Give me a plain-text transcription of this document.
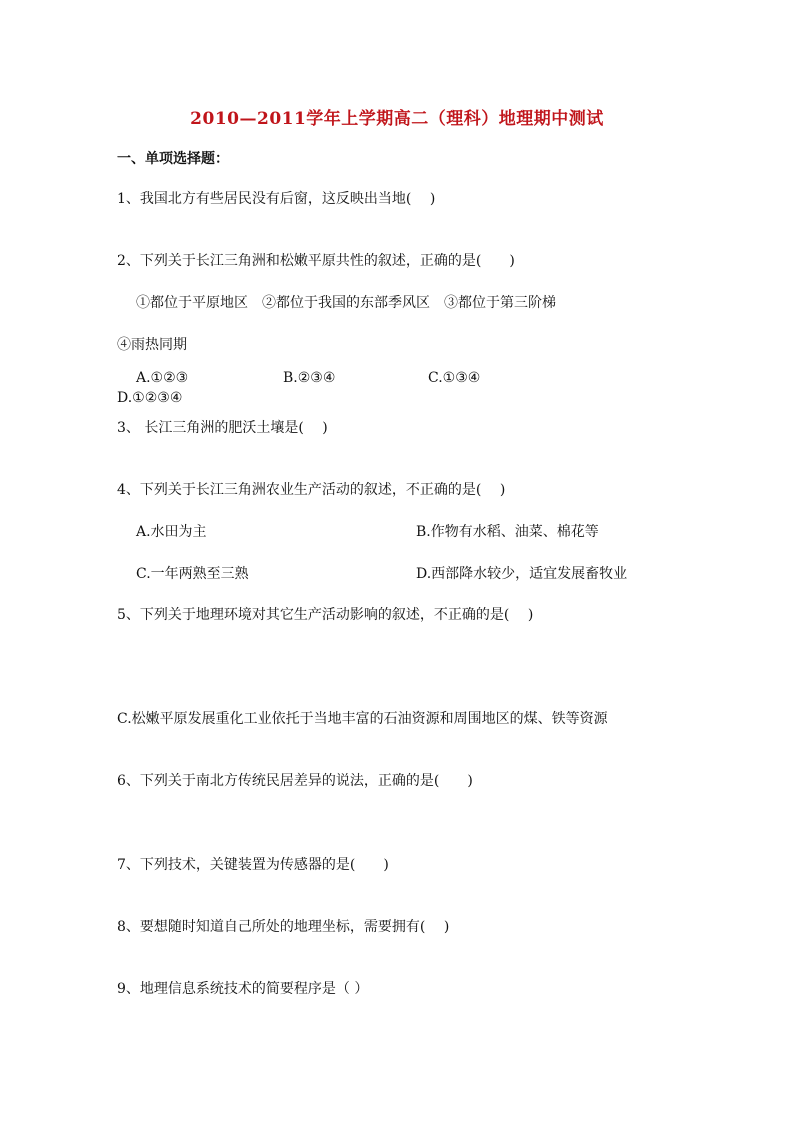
2010—2011学年上学期高二（理科）地理期中测试
一、单项选择题：
1、我国北方有些居民没有后窗，这反映出当地(　 )
2、下列关于长江三角洲和松嫩平原共性的叙述，正确的是(　　)
①都位于平原地区　②都位于我国的东部季风区　③都位于第三阶梯
④雨热同期
A.①②③	B.②③④	C.①③④
D.①②③④
3、 长江三角洲的肥沃土壤是(　 )
4、下列关于长江三角洲农业生产活动的叙述，不正确的是(　 )
A.水田为主	B.作物有水稻、油菜、棉花等
C.一年两熟至三熟	D.西部降水较少，适宜发展畜牧业
5、下列关于地理环境对其它生产活动影响的叙述，不正确的是(　 )
C.松嫩平原发展重化工业依托于当地丰富的石油资源和周围地区的煤、铁等资源
6、下列关于南北方传统民居差异的说法，正确的是(　　)
7、下列技术，关键装置为传感器的是(　　)
8、要想随时知道自己所处的地理坐标，需要拥有(　 )
9、地理信息系统技术的简要程序是（ ）
